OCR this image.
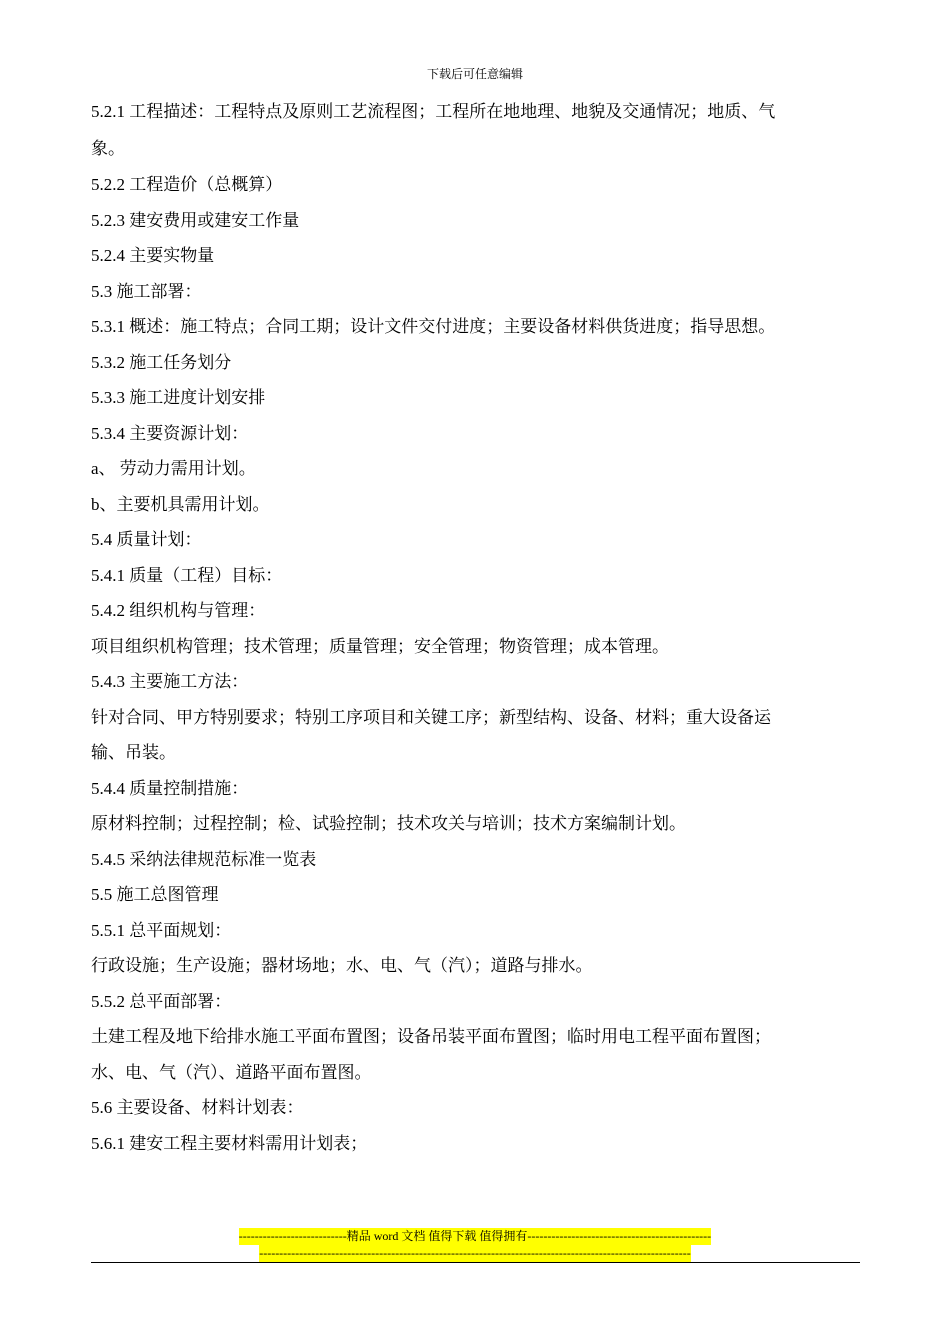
下载后可任意编辑
5.2.1 工程描述：工程特点及原则工艺流程图；工程所在地地理、地貌及交通情况；地质、气
象。
5.2.2 工程造价（总概算）
5.2.3 建安费用或建安工作量
5.2.4 主要实物量
5.3 施工部署：
5.3.1 概述：施工特点；合同工期；设计文件交付进度；主要设备材料供货进度；指导思想。
5.3.2 施工任务划分
5.3.3 施工进度计划安排
5.3.4 主要资源计划：
a、 劳动力需用计划。
b、主要机具需用计划。
5.4 质量计划：
5.4.1 质量（工程）目标：
5.4.2 组织机构与管理：
项目组织机构管理；技术管理；质量管理；安全管理；物资管理；成本管理。
5.4.3 主要施工方法：
针对合同、甲方特别要求；特别工序项目和关键工序；新型结构、设备、材料；重大设备运
输、吊装。
5.4.4 质量控制措施：
原材料控制；过程控制；检、试验控制；技术攻关与培训；技术方案编制计划。
5.4.5 采纳法律规范标准一览表
5.5 施工总图管理
5.5.1 总平面规划：
行政设施；生产设施；器材场地；水、电、气（汽）；道路与排水。
5.5.2 总平面部署：
土建工程及地下给排水施工平面布置图；设备吊装平面布置图；临时用电工程平面布置图；
水、电、气（汽）、道路平面布置图。
5.6 主要设备、材料计划表：
5.6.1 建安工程主要材料需用计划表；
---------------------------精品 word 文档 值得下载 值得拥有----------------------------------------------
------------------------------------------------------------------------------------------------------------
